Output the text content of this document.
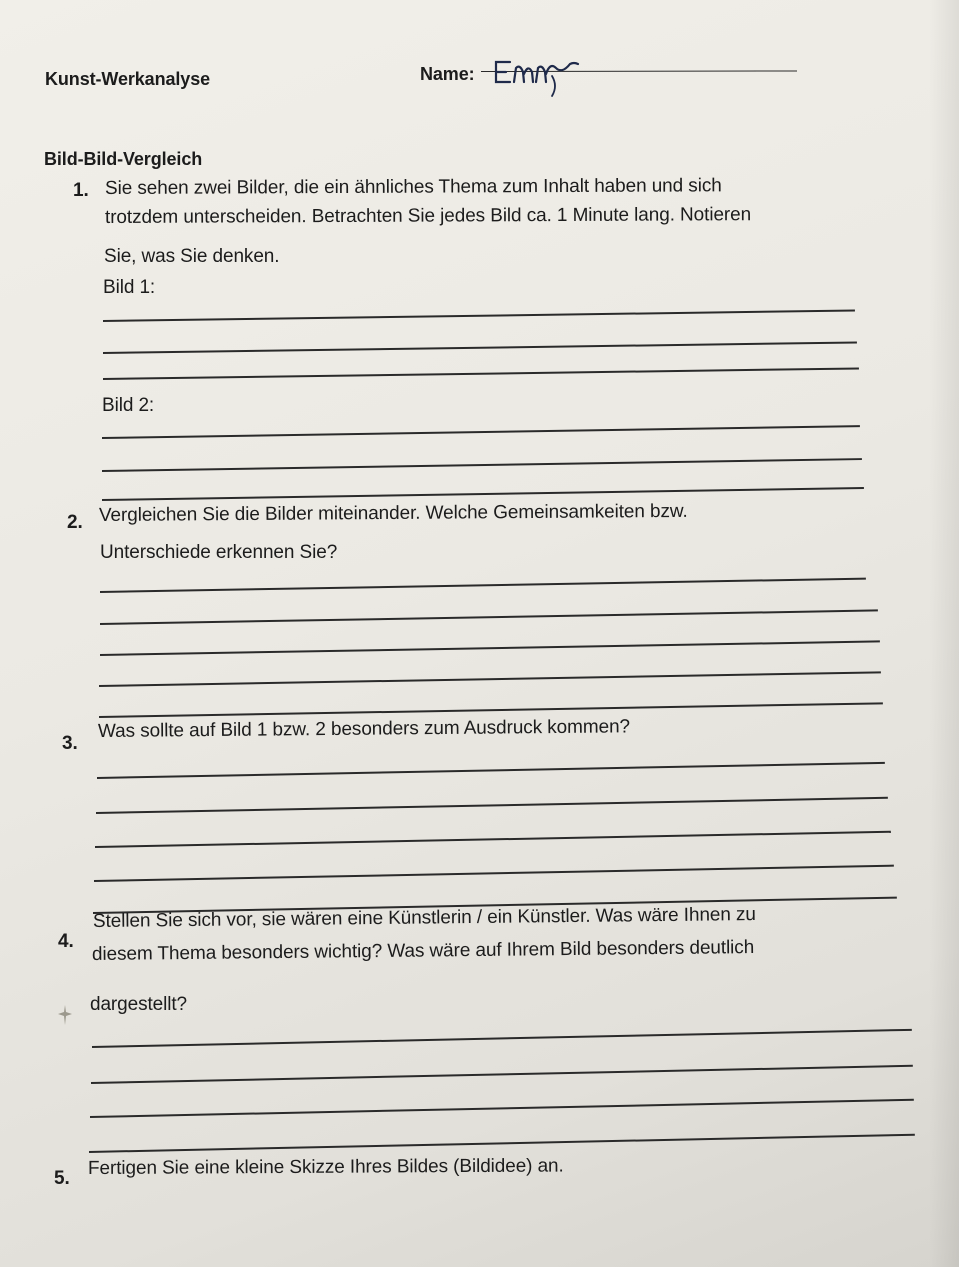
Kunst-Werkanalyse	Name:
Emma
Bild-Bild-Vergleich
1. Sie sehen zwei Bilder, die ein ähnliches Thema zum Inhalt haben und sich
trotzdem unterscheiden. Betrachten Sie jedes Bild ca. 1 Minute lang. Notieren
Sie, was Sie denken.
Bild 1:
Bild 2:
2. Vergleichen Sie die Bilder miteinander. Welche Gemeinsamkeiten bzw.
Unterschiede erkennen Sie?
3.
Was sollte auf Bild 1 bzw. 2 besonders zum Ausdruck kommen?
4.
Stellen Sie sich vor, sie wären eine Künstlerin / ein Künstler. Was wäre Ihnen zu
diesem Thema besonders wichtig? Was wäre auf Ihrem Bild besonders deutlich
dargestellt?
5. Fertigen Sie eine kleine Skizze Ihres Bildes (Bildidee) an.
